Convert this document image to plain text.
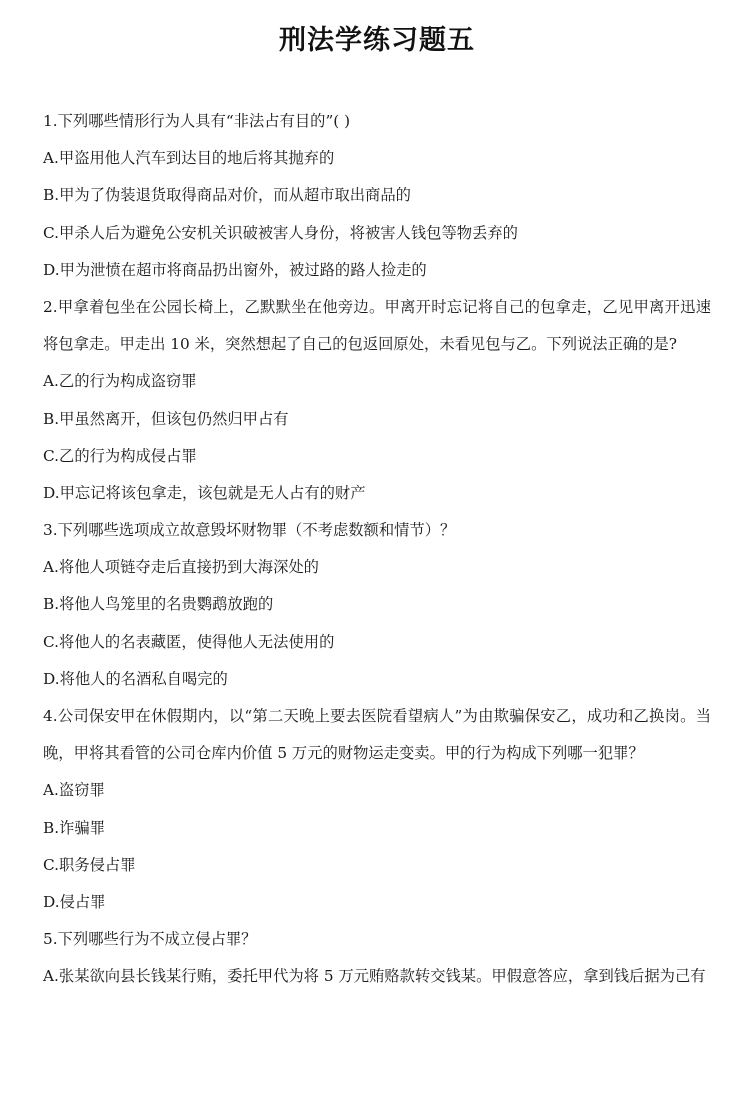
刑法学练习题五

1.下列哪些情形行为人具有“非法占有目的”( )

A.甲盗用他人汽车到达目的地后将其抛弃的

B.甲为了伪装退货取得商品对价，而从超市取出商品的

C.甲杀人后为避免公安机关识破被害人身份，将被害人钱包等物丢弃的

D.甲为泄愤在超市将商品扔出窗外，被过路的路人捡走的

2.甲拿着包坐在公园长椅上，乙默默坐在他旁边。甲离开时忘记将自己的包拿走，乙见甲离开迅速将包拿走。甲走出 10 米，突然想起了自己的包返回原处，未看见包与乙。下列说法正确的是?

A.乙的行为构成盗窃罪

B.甲虽然离开，但该包仍然归甲占有

C.乙的行为构成侵占罪

D.甲忘记将该包拿走，该包就是无人占有的财产

3.下列哪些选项成立故意毁坏财物罪（不考虑数额和情节）？

A.将他人项链夺走后直接扔到大海深处的

B.将他人鸟笼里的名贵鹦鹉放跑的

C.将他人的名表藏匿，使得他人无法使用的

D.将他人的名酒私自喝完的

4.公司保安甲在休假期内，以“第二天晚上要去医院看望病人”为由欺骗保安乙，成功和乙换岗。当晚，甲将其看管的公司仓库内价值 5 万元的财物运走变卖。甲的行为构成下列哪一犯罪？

A.盗窃罪

B.诈骗罪

C.职务侵占罪

D.侵占罪

5.下列哪些行为不成立侵占罪？

A.张某欲向县长钱某行贿，委托甲代为将 5 万元贿赂款转交钱某。甲假意答应，拿到钱后据为己有
